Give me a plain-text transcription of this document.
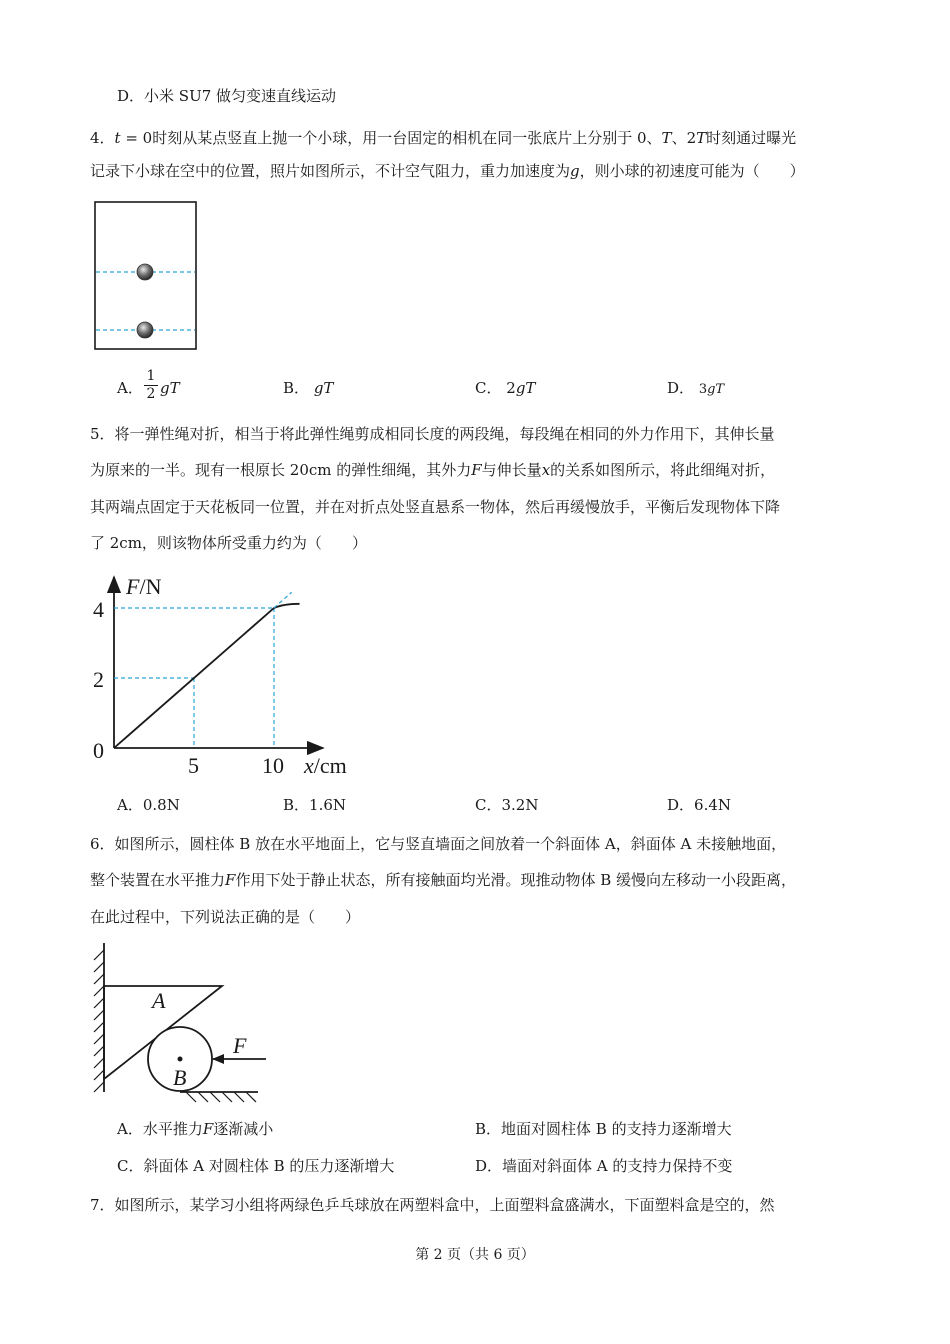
D．小米 SU7 做匀变速直线运动
4．t = 0时刻从某点竖直上抛一个小球，用一台固定的相机在同一张底片上分别于 0、T、2T时刻通过曝光
记录下小球在空中的位置，照片如图所示，不计空气阻力，重力加速度为g，则小球的初速度可能为（　　）
A． $\frac{1}{2}$ gT	B． gT	C． 2gT	D． 3gT
5．将一弹性绳对折，相当于将此弹性绳剪成相同长度的两段绳，每段绳在相同的外力作用下，其伸长量
为原来的一半。现有一根原长 20cm 的弹性细绳，其外力F与伸长量x的关系如图所示，将此细绳对折，
其两端点固定于天花板同一位置，并在对折点处竖直悬系一物体，然后再缓慢放手，平衡后发现物体下降
了 2cm，则该物体所受重力约为（　　）
F/N
x/cm
0
5	10
2
4
A．0.8N	B．1.6N	C．3.2N	D．6.4N
6．如图所示，圆柱体 B 放在水平地面上，它与竖直墙面之间放着一个斜面体 A，斜面体 A 未接触地面，
整个装置在水平推力F作用下处于静止状态，所有接触面均光滑。现推动物体 B 缓慢向左移动一小段距离，
在此过程中，下列说法正确的是（　　）
A
B
F
A．水平推力F逐渐减小	B．地面对圆柱体 B 的支持力逐渐增大
C．斜面体 A 对圆柱体 B 的压力逐渐增大	D．墙面对斜面体 A 的支持力保持不变
7．如图所示，某学习小组将两绿色乒乓球放在两塑料盒中，上面塑料盒盛满水，下面塑料盒是空的，然
第 2 页（共 6 页）
